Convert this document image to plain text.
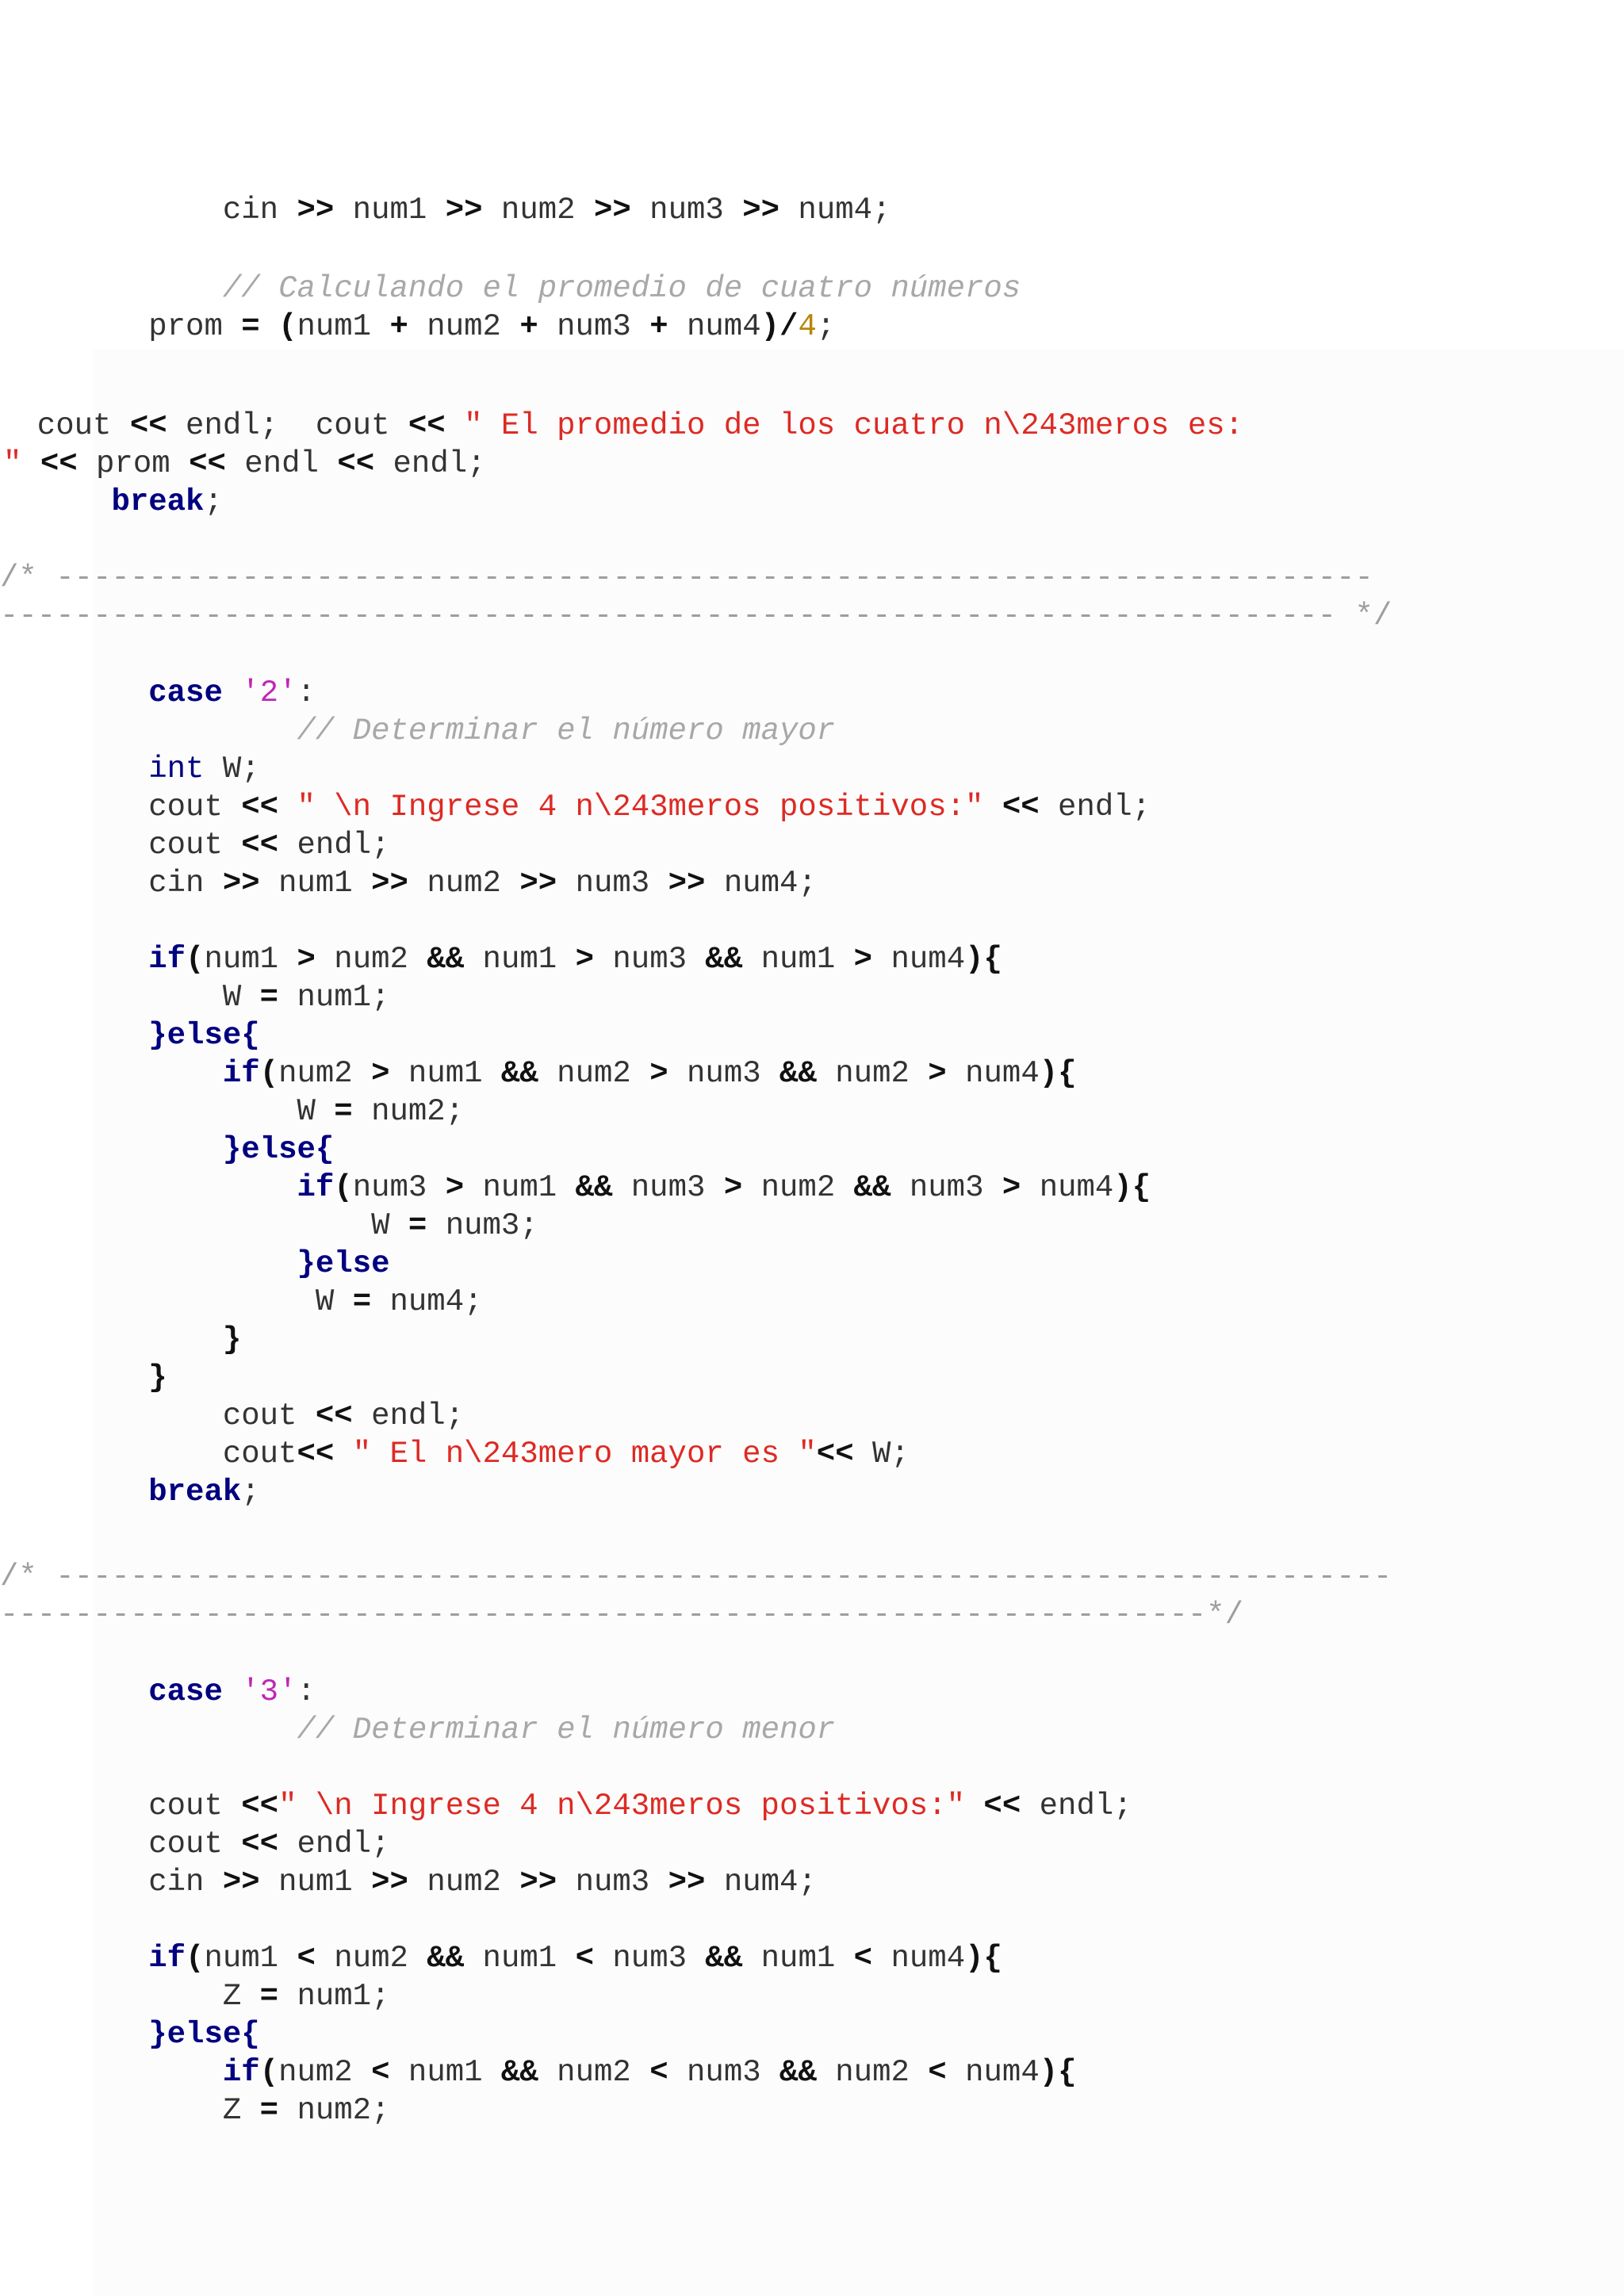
cin >> num1 >> num2 >> num3 >> num4;
// Calculando el promedio de cuatro números
prom = (num1 + num2 + num3 + num4)/4;
cout << endl;  cout << " El promedio de los cuatro n\243meros es:
" << prom << endl << endl;
break;
/* -----------------------------------------------------------------------
------------------------------------------------------------------------ */
case '2':
// Determinar el número mayor
int W;
cout << " \n Ingrese 4 n\243meros positivos:" << endl;
cout << endl;
cin >> num1 >> num2 >> num3 >> num4;
if(num1 > num2 && num1 > num3 && num1 > num4){
W = num1;
}else{
if(num2 > num1 && num2 > num3 && num2 > num4){
W = num2;
}else{
if(num3 > num1 && num3 > num2 && num3 > num4){
W = num3;
}else
W = num4;
}
}
cout << endl;
cout<< " El n\243mero mayor es "<< W;
break;
/* ------------------------------------------------------------------------
-----------------------------------------------------------------*/
case '3':
// Determinar el número menor
cout <<" \n Ingrese 4 n\243meros positivos:" << endl;
cout << endl;
cin >> num1 >> num2 >> num3 >> num4;
if(num1 < num2 && num1 < num3 && num1 < num4){
Z = num1;
}else{
if(num2 < num1 && num2 < num3 && num2 < num4){
Z = num2;
